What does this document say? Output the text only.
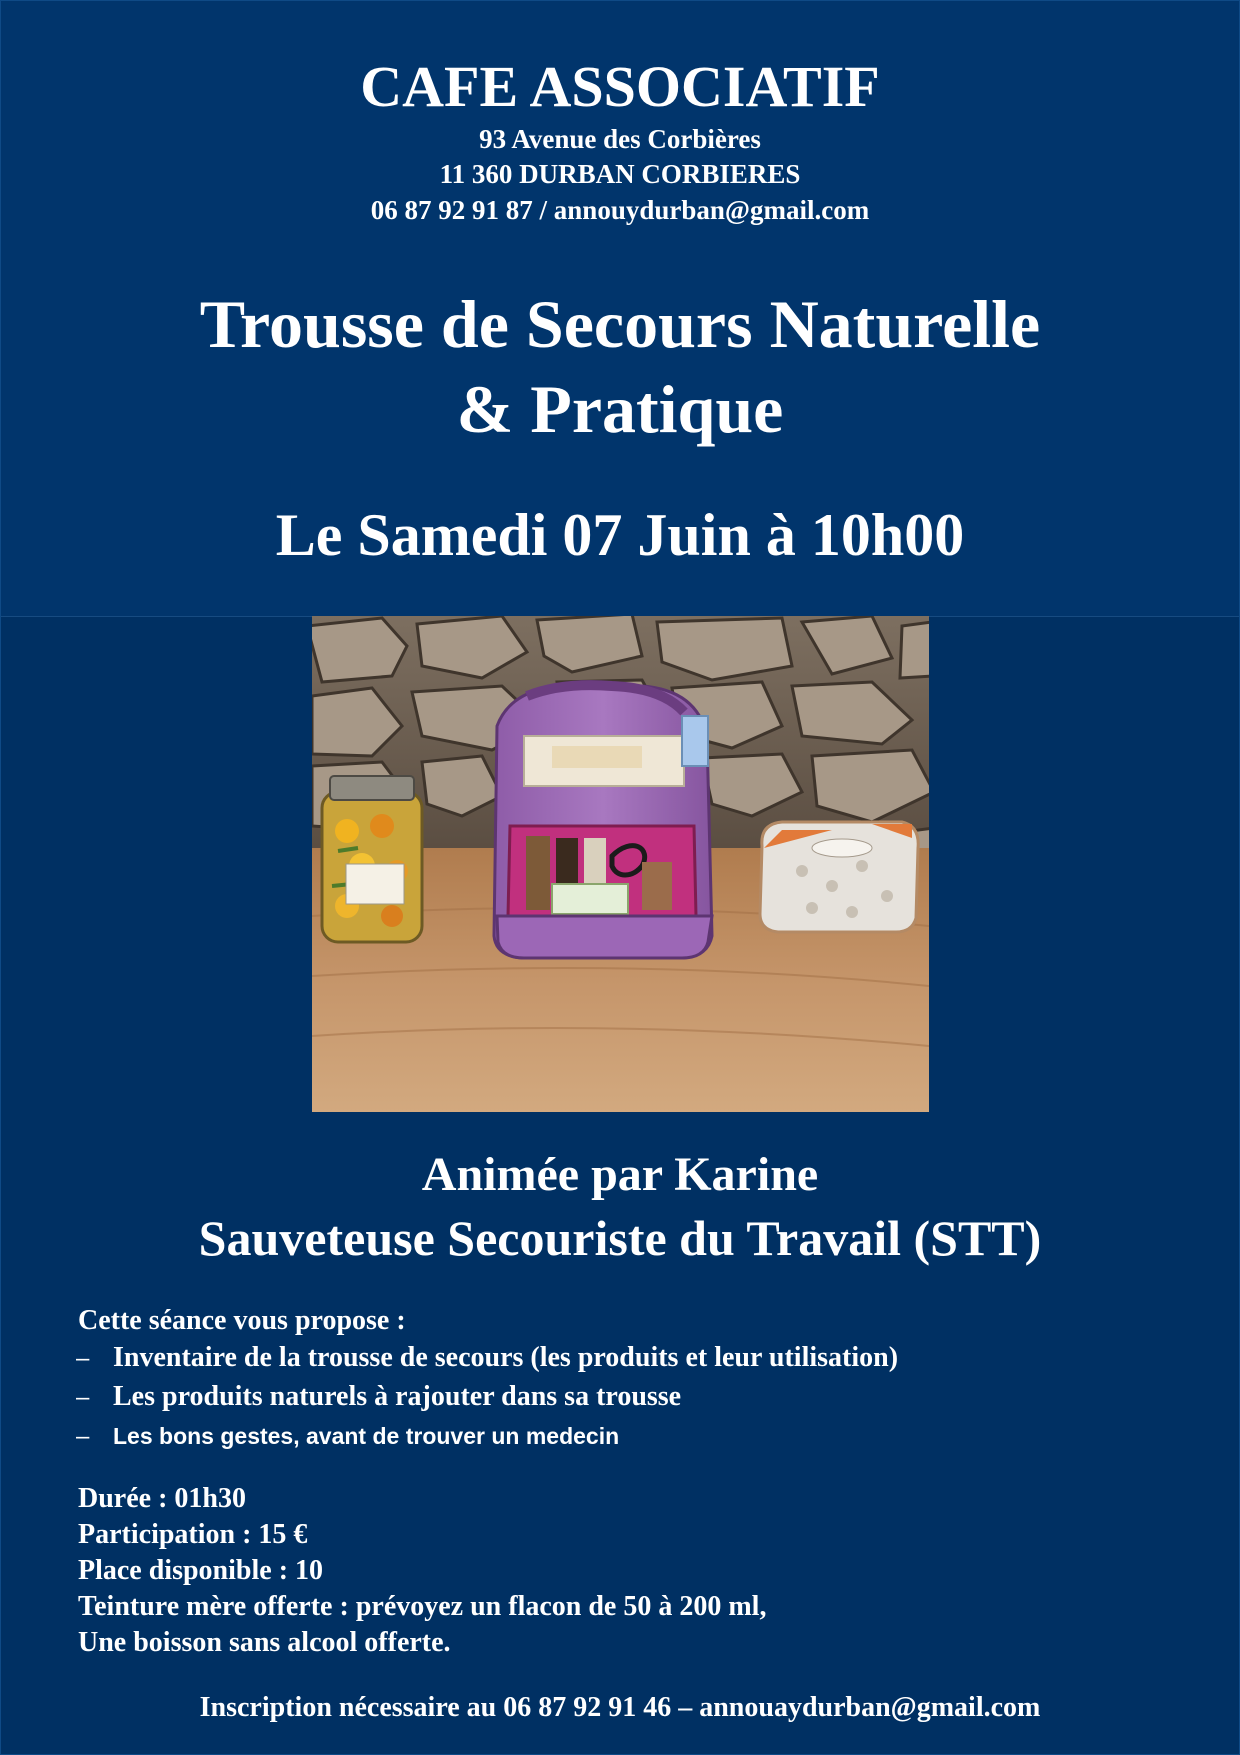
CAFE ASSOCIATIF
93 Avenue des Corbières
11 360 DURBAN CORBIERES
06 87 92 91 87 / annouydurban@gmail.com
Trousse de Secours Naturelle
& Pratique
Le Samedi 07 Juin à 10h00
Animée par Karine
Sauveteuse Secouriste du Travail (STT)
Cette séance vous propose :
– Inventaire de la trousse de secours (les produits et leur utilisation)
– Les produits naturels à rajouter dans sa trousse
– Les bons gestes, avant de trouver un medecin
Durée : 01h30
Participation : 15 €
Place disponible : 10
Teinture mère offerte : prévoyez un flacon de 50 à 200 ml,
Une boisson sans alcool offerte.
Inscription nécessaire au 06 87 92 91 46 – annouaydurban@gmail.com
